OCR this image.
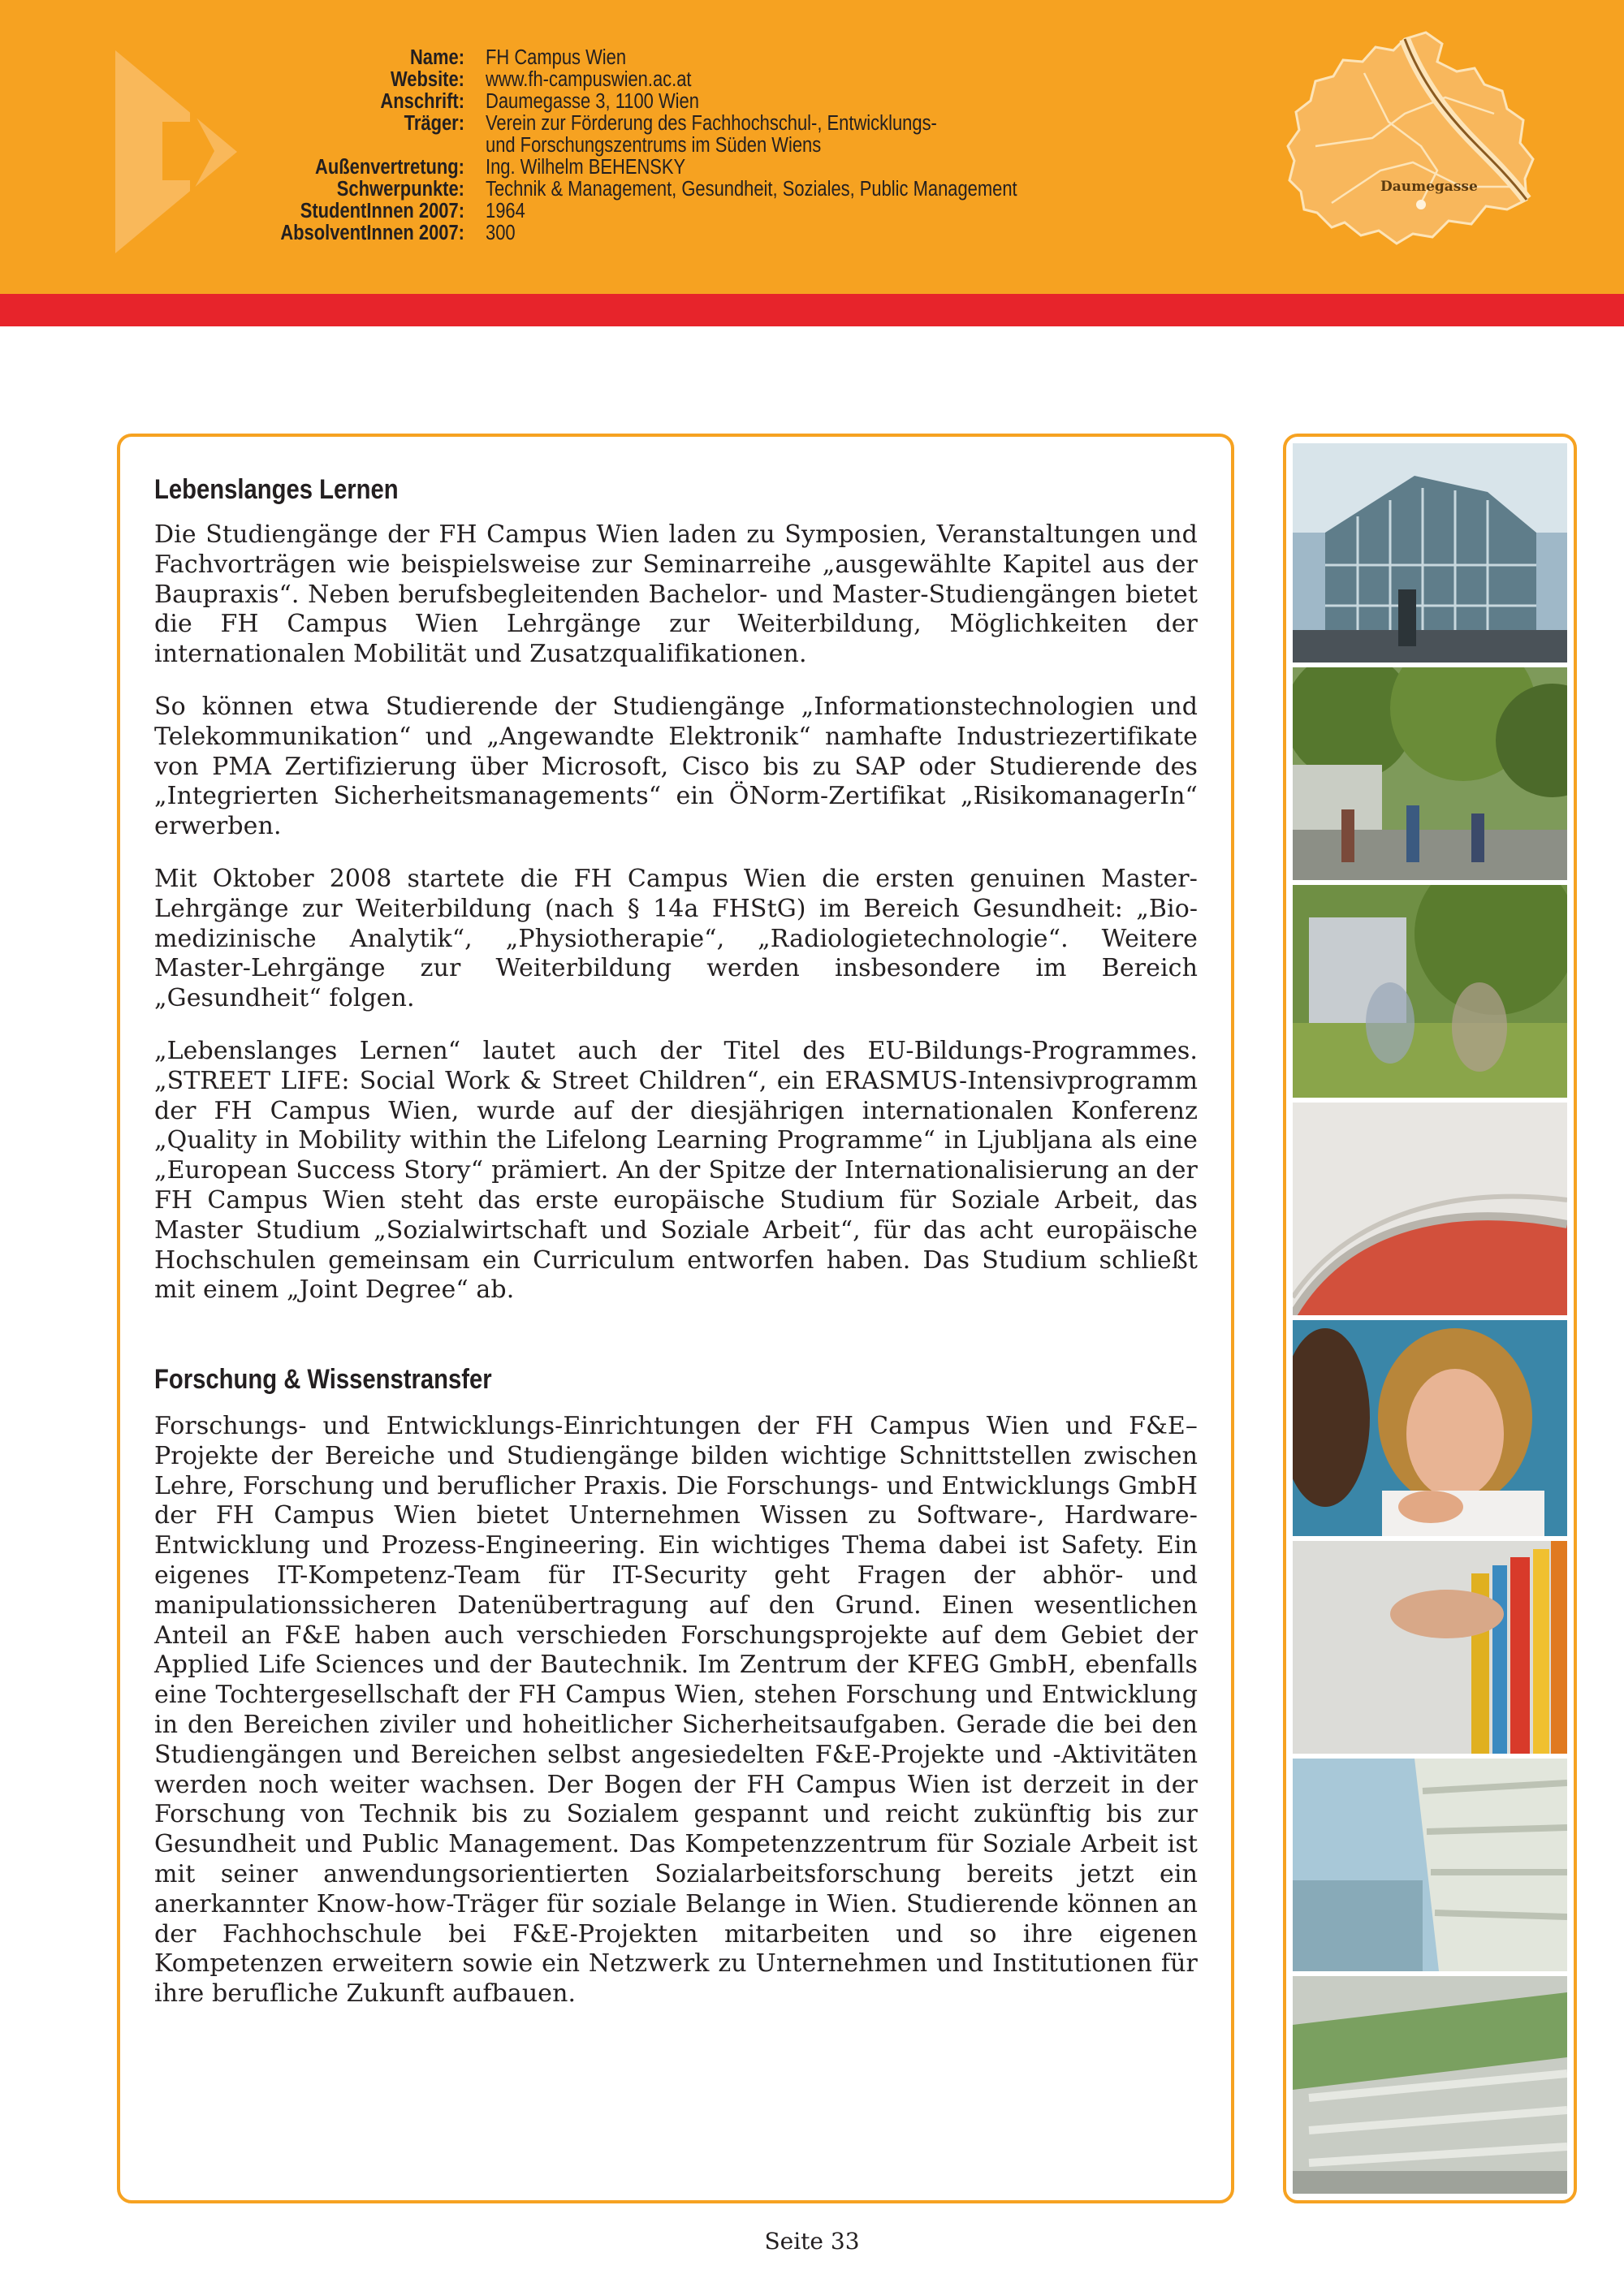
Name: FH Campus Wien
Website: www.fh-campuswien.ac.at
Anschrift: Daumegasse 3, 1100 Wien
Träger: Verein zur Förderung des Fachhochschul-, Entwicklungs-
und Forschungszentrums im Süden Wiens
Außenvertretung: Ing. Wilhelm BEHENSKY
Schwerpunkte: Technik & Management, Gesundheit, Soziales, Public Management
StudentInnen 2007: 1964
AbsolventInnen 2007: 300
Daumegasse
Lebenslanges Lernen
Die Studiengänge der FH Campus Wien laden zu Symposien, Veranstaltungen und Fachvorträgen wie beispielsweise zur Seminarreihe „ausgewählte Kapitel aus der Baupraxis“. Neben berufsbegleitenden Bachelor- und Master-Studiengängen bietet die FH Campus Wien Lehrgänge zur Weiterbildung, Möglichkeiten der internationalen Mobilität und Zusatzqualifikationen.
So können etwa Studierende der Studiengänge „Informationstechnologien und Telekommunikation“ und „Angewandte Elektronik“ namhafte Industriezertifikate von PMA Zertifizierung über Microsoft, Cisco bis zu SAP oder Studierende des „Integrierten Sicherheitsmanagements“ ein ÖNorm-Zertifikat „RisikomanagerIn“ erwerben.
Mit Oktober 2008 startete die FH Campus Wien die ersten genuinen Master-Lehrgänge zur Weiterbildung (nach § 14a FHStG) im Bereich Gesundheit: „Biomedizinische Analytik“, „Physiotherapie“, „Radiologietechnologie“. Weitere Master-Lehrgänge zur Weiterbildung werden insbesondere im Bereich „Gesundheit“ folgen.
„Lebenslanges Lernen“ lautet auch der Titel des EU-Bildungs-Programmes. „STREET LIFE: Social Work & Street Children“, ein ERASMUS-Intensivprogramm der FH Campus Wien, wurde auf der diesjährigen internationalen Konferenz „Quality in Mobility within the Lifelong Learning Programme“ in Ljubljana als eine „European Success Story“ prämiert. An der Spitze der Internationalisierung an der FH Campus Wien steht das erste europäische Studium für Soziale Arbeit, das Master Studium „Sozialwirtschaft und Soziale Arbeit“, für das acht europäische Hochschulen gemeinsam ein Curriculum entworfen haben. Das Studium schließt mit einem „Joint Degree“ ab.
Forschung & Wissenstransfer
Forschungs- und Entwicklungs-Einrichtungen der FH Campus Wien und F&E–Projekte der Bereiche und Studiengänge bilden wichtige Schnittstellen zwischen Lehre, Forschung und beruflicher Praxis. Die Forschungs- und Entwicklungs GmbH der FH Campus Wien bietet Unternehmen Wissen zu Software-, Hardware-Entwicklung und Prozess-Engineering. Ein wichtiges Thema dabei ist Safety. Ein eigenes IT-Kompetenz-Team für IT-Security geht Fragen der abhör- und manipulationssicheren Datenübertragung auf den Grund. Einen wesentlichen Anteil an F&E haben auch verschieden Forschungsprojekte auf dem Gebiet der Applied Life Sciences und der Bautechnik. Im Zentrum der KFEG GmbH, ebenfalls eine Tochtergesellschaft der FH Campus Wien, stehen Forschung und Entwicklung in den Bereichen ziviler und hoheitlicher Sicherheitsaufgaben. Gerade die bei den Studiengängen und Bereichen selbst angesiedelten F&E-Projekte und -Aktivitäten werden noch weiter wachsen. Der Bogen der FH Campus Wien ist derzeit in der Forschung von Technik bis zu Sozialem gespannt und reicht zukünftig bis zur Gesundheit und Public Management. Das Kompetenzzentrum für Soziale Arbeit ist mit seiner anwendungsorientierten Sozialarbeitsforschung bereits jetzt ein anerkannter Know-how-Träger für soziale Belange in Wien. Studierende können an der Fachhochschule bei F&E-Projekten mitarbeiten und so ihre eigenen Kompetenzen erweitern sowie ein Netzwerk zu Unternehmen und Institutionen für ihre berufliche Zukunft aufbauen.
Seite 33
